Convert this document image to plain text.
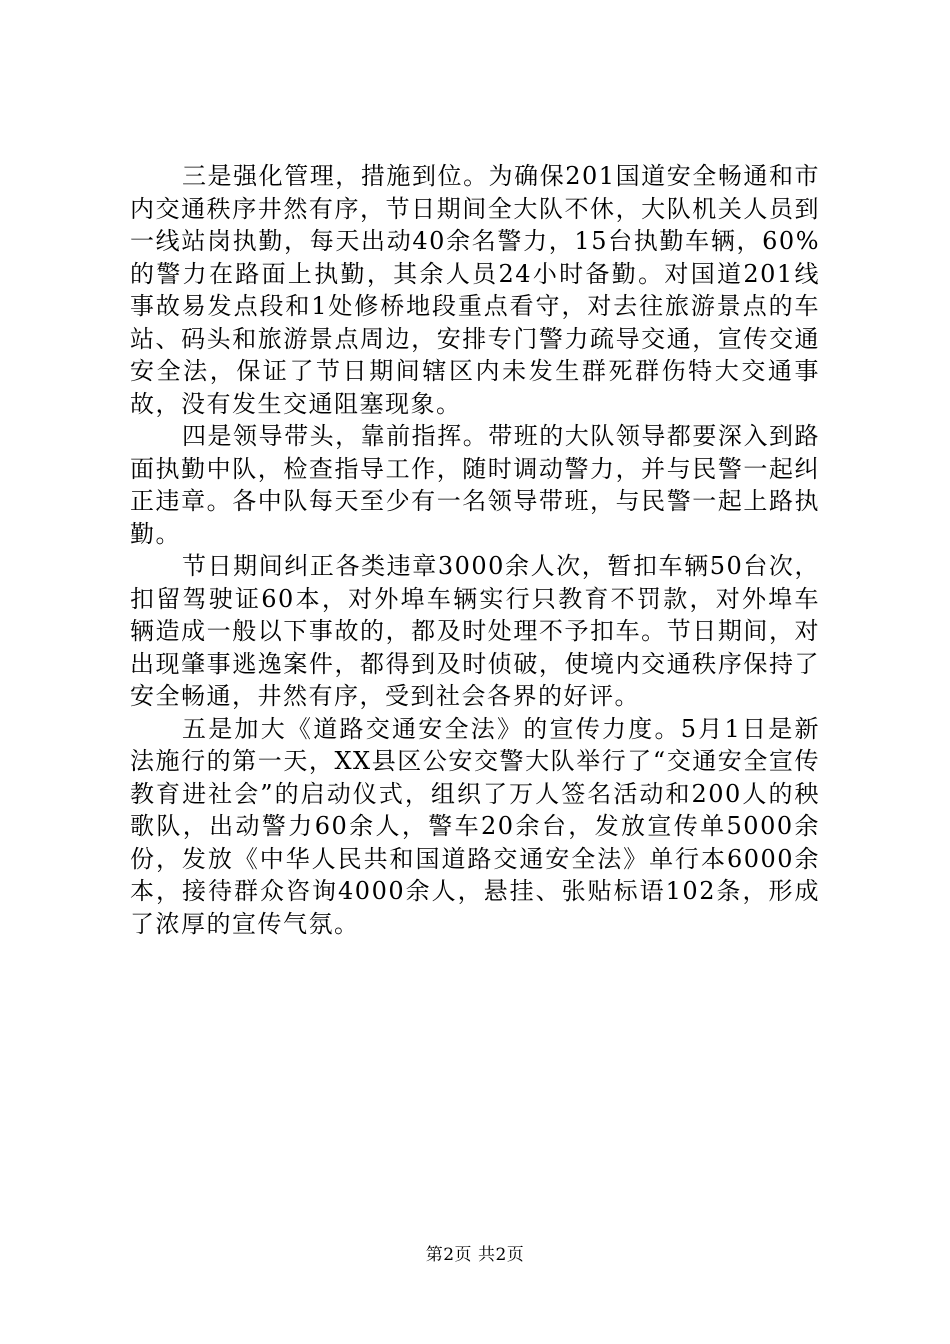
三是强化管理，措施到位。为确保201国道安全畅通和市内交通秩序井然有序，节日期间全大队不休，大队机关人员到一线站岗执勤，每天出动40余名警力，15台执勤车辆，60%的警力在路面上执勤，其余人员24小时备勤。对国道201线事故易发点段和1处修桥地段重点看守，对去往旅游景点的车站、码头和旅游景点周边，安排专门警力疏导交通，宣传交通安全法，保证了节日期间辖区内未发生群死群伤特大交通事故，没有发生交通阻塞现象。

四是领导带头，靠前指挥。带班的大队领导都要深入到路面执勤中队，检查指导工作，随时调动警力，并与民警一起纠正违章。各中队每天至少有一名领导带班，与民警一起上路执勤。

节日期间纠正各类违章3000余人次，暂扣车辆50台次，扣留驾驶证60本，对外埠车辆实行只教育不罚款，对外埠车辆造成一般以下事故的，都及时处理不予扣车。节日期间，对出现肇事逃逸案件，都得到及时侦破，使境内交通秩序保持了安全畅通，井然有序，受到社会各界的好评。

五是加大《道路交通安全法》的宣传力度。5月1日是新法施行的第一天，XX县区公安交警大队举行了“交通安全宣传教育进社会”的启动仪式，组织了万人签名活动和200人的秧歌队，出动警力60余人，警车20余台，发放宣传单5000余份，发放《中华人民共和国道路交通安全法》单行本6000余本，接待群众咨询4000余人，悬挂、张贴标语102条，形成了浓厚的宣传气氛。

第2页 共2页
